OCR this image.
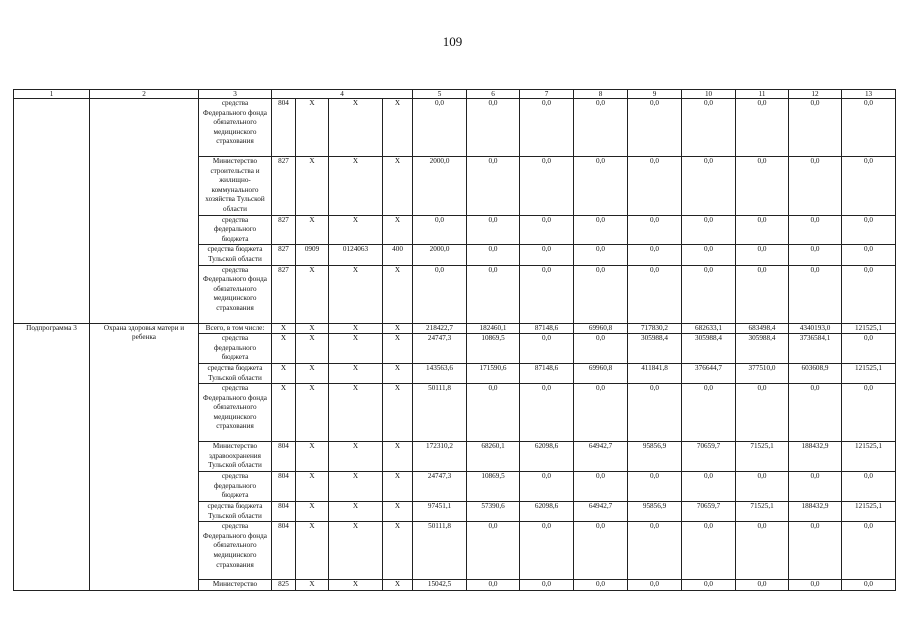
109
1	2	3	4				5	6	7	8	9	10	11	12	13
		средства Федерального фонда обязательного медицинского страхования	804	X	X	X	0,0	0,0	0,0	0,0	0,0	0,0	0,0	0,0	0,0
		Министерство строительства и жилищно-коммунального хозяйства Тульской области	827	X	X	X	2000,0	0,0	0,0	0,0	0,0	0,0	0,0	0,0	0,0
		средства федерального бюджета	827	X	X	X	0,0	0,0	0,0	0,0	0,0	0,0	0,0	0,0	0,0
		средства бюджета Тульской области	827	0909	0124063	400	2000,0	0,0	0,0	0,0	0,0	0,0	0,0	0,0	0,0
		средства Федерального фонда обязательного медицинского страхования	827	X	X	X	0,0	0,0	0,0	0,0	0,0	0,0	0,0	0,0	0,0
Подпрограмма 3	Охрана здоровья матери и ребенка	Всего, в том числе:	X	X	X	X	218422,7	182460,1	87148,6	69960,8	717830,2	682633,1	683498,4	4340193,0	121525,1
		средства федерального бюджета	X	X	X	X	24747,3	10869,5	0,0	0,0	305988,4	305988,4	305988,4	3736584,1	0,0
		средства бюджета Тульской области	X	X	X	X	143563,6	171590,6	87148,6	69960,8	411841,8	376644,7	377510,0	603608,9	121525,1
		средства Федерального фонда обязательного медицинского страхования	X	X	X	X	50111,8	0,0	0,0	0,0	0,0	0,0	0,0	0,0	0,0
		Министерство здравоохранения Тульской области	804	X	X	X	172310,2	68260,1	62098,6	64942,7	95856,9	70659,7	71525,1	188432,9	121525,1
		средства федерального бюджета	804	X	X	X	24747,3	10869,5	0,0	0,0	0,0	0,0	0,0	0,0	0,0
		средства бюджета Тульской области	804	X	X	X	97451,1	57390,6	62098,6	64942,7	95856,9	70659,7	71525,1	188432,9	121525,1
		средства Федерального фонда обязательного медицинского страхования	804	X	X	X	50111,8	0,0	0,0	0,0	0,0	0,0	0,0	0,0	0,0
		Министерство	825	X	X	X	15042,5	0,0	0,0	0,0	0,0	0,0	0,0	0,0	0,0
